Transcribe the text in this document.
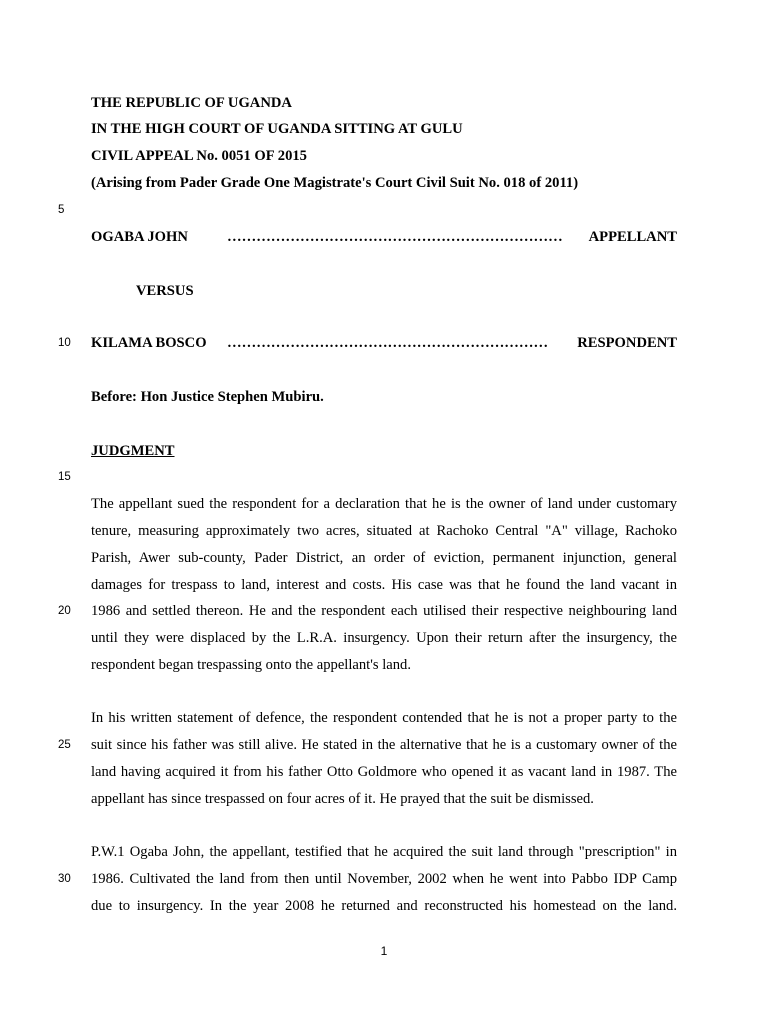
THE REPUBLIC OF UGANDA
IN THE HIGH COURT OF UGANDA SITTING AT GULU
CIVIL APPEAL No. 0051 OF 2015
(Arising from Pader Grade One Magistrate's Court Civil Suit No. 018 of 2011)
5
OGABA JOHN	……………………………………………………………	APPELLANT
VERSUS
10	KILAMA BOSCO	…………………………………………………………	RESPONDENT
Before: Hon Justice Stephen Mubiru.
JUDGMENT
15
The appellant sued the respondent for a declaration that he is the owner of land under customary
tenure, measuring approximately two acres, situated at Rachoko Central "A" village, Rachoko
Parish, Awer sub-county, Pader District, an order of eviction, permanent injunction, general
damages for trespass to land, interest and costs. His case was that he found the land vacant in
20	1986 and settled thereon. He and the respondent each utilised their respective neighbouring land
until they were displaced by the L.R.A. insurgency. Upon their return after the insurgency, the
respondent began trespassing onto the appellant's land.
In his written statement of defence, the respondent contended that he is not a proper party to the
25	suit since his father was still alive. He stated in the alternative that he is a customary owner of the
land having acquired it from his father Otto Goldmore who opened it as vacant land in 1987. The
appellant has since trespassed on four acres of it. He prayed that the suit be dismissed.
P.W.1 Ogaba John, the appellant, testified that he acquired the suit land through "prescription" in
30	1986. Cultivated the land from then until November, 2002 when he went into Pabbo IDP Camp
due to insurgency. In the year 2008 he returned and reconstructed his homestead on the land.
1
